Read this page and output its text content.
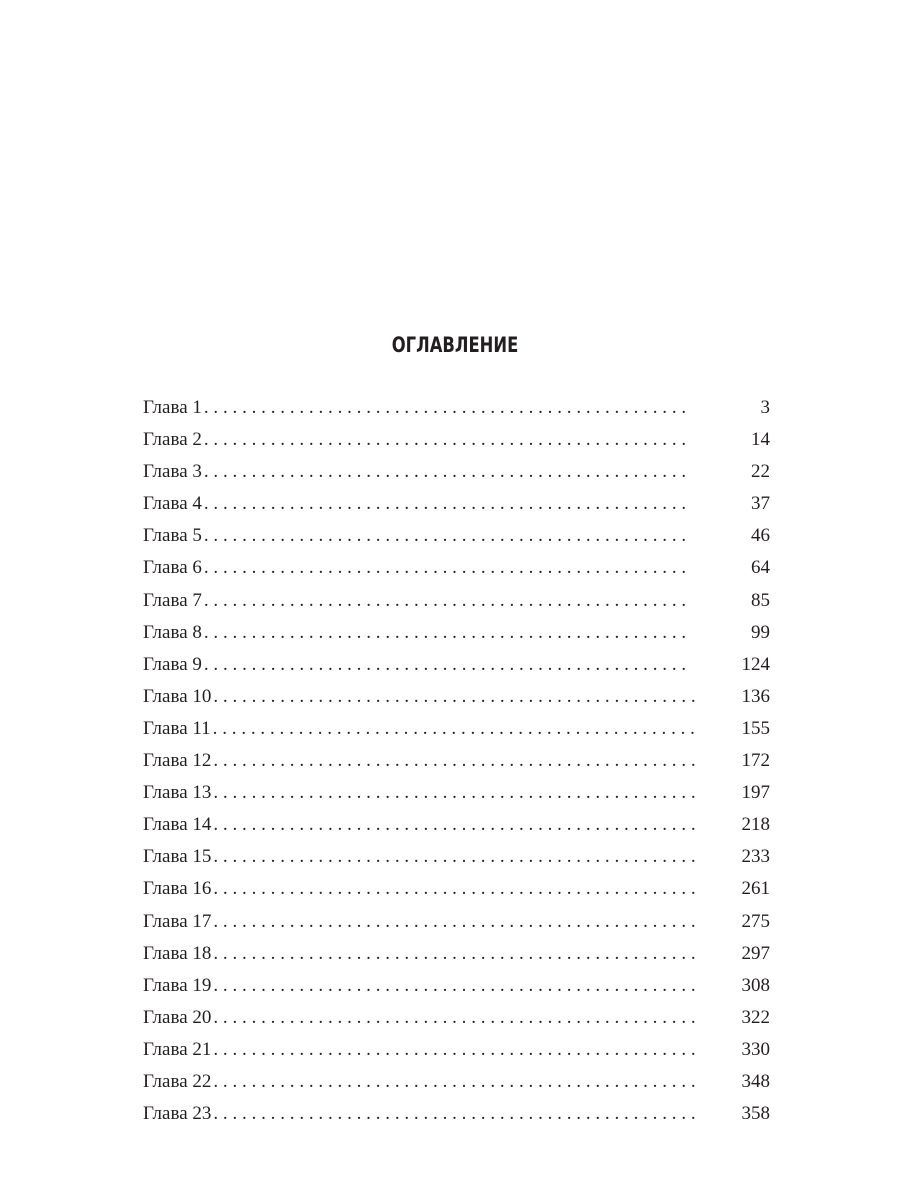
ОГЛАВЛЕНИЕ
Глава 1 ...................................................	3
Глава 2 ...................................................	14
Глава 3 ...................................................	22
Глава 4 ...................................................	37
Глава 5 ...................................................	46
Глава 6 ...................................................	64
Глава 7 ...................................................	85
Глава 8 ...................................................	99
Глава 9 ...................................................	124
Глава 10 ................................................... 136
Глава 11 ................................................... 155
Глава 12 ................................................... 172
Глава 13 ................................................... 197
Глава 14 ................................................... 218
Глава 15 ................................................... 233
Глава 16 ................................................... 261
Глава 17 ................................................... 275
Глава 18 ................................................... 297
Глава 19 ................................................... 308
Глава 20 ................................................... 322
Глава 21 ................................................... 330
Глава 22 ................................................... 348
Глава 23 ................................................... 358
